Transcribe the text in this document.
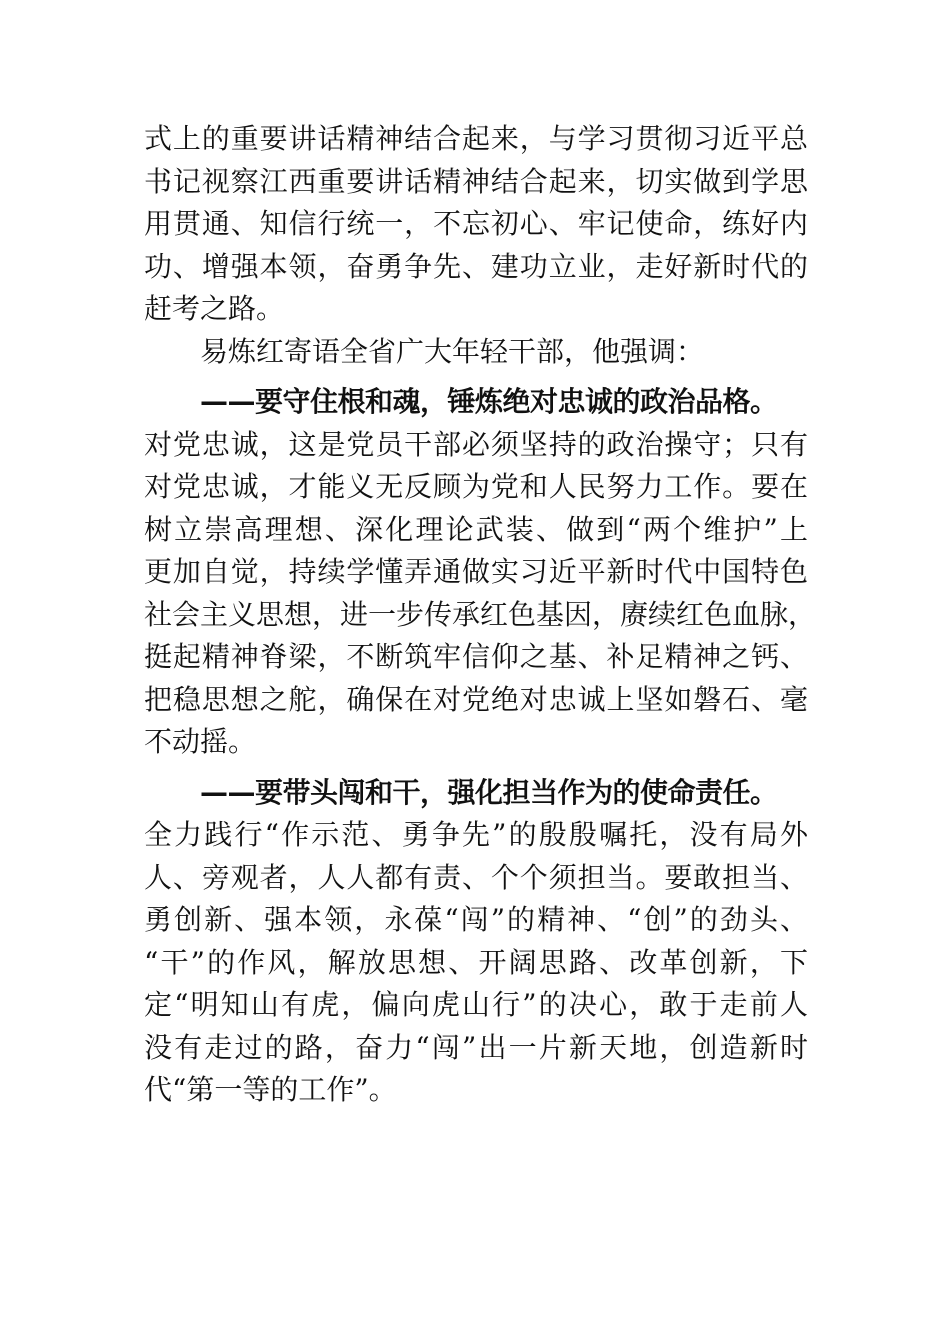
式上的重要讲话精神结合起来，与学习贯彻习近平总
书记视察江西重要讲话精神结合起来，切实做到学思
用贯通、知信行统一，不忘初心、牢记使命，练好内
功、增强本领，奋勇争先、建功立业，走好新时代的
赶考之路。
易炼红寄语全省广大年轻干部，他强调：
——要守住根和魂，锤炼绝对忠诚的政治品格。
对党忠诚，这是党员干部必须坚持的政治操守；只有
对党忠诚，才能义无反顾为党和人民努力工作。要在
树立崇高理想、深化理论武装、做到“两个维护”上
更加自觉，持续学懂弄通做实习近平新时代中国特色
社会主义思想，进一步传承红色基因，赓续红色血脉，
挺起精神脊梁，不断筑牢信仰之基、补足精神之钙、
把稳思想之舵，确保在对党绝对忠诚上坚如磐石、毫
不动摇。
——要带头闯和干，强化担当作为的使命责任。
全力践行“作示范、勇争先”的殷殷嘱托，没有局外
人、旁观者，人人都有责、个个须担当。要敢担当、
勇创新、强本领，永葆“闯”的精神、“创”的劲头、
“干”的作风，解放思想、开阔思路、改革创新，下
定“明知山有虎，偏向虎山行”的决心，敢于走前人
没有走过的路，奋力“闯”出一片新天地，创造新时
代“第一等的工作”。
